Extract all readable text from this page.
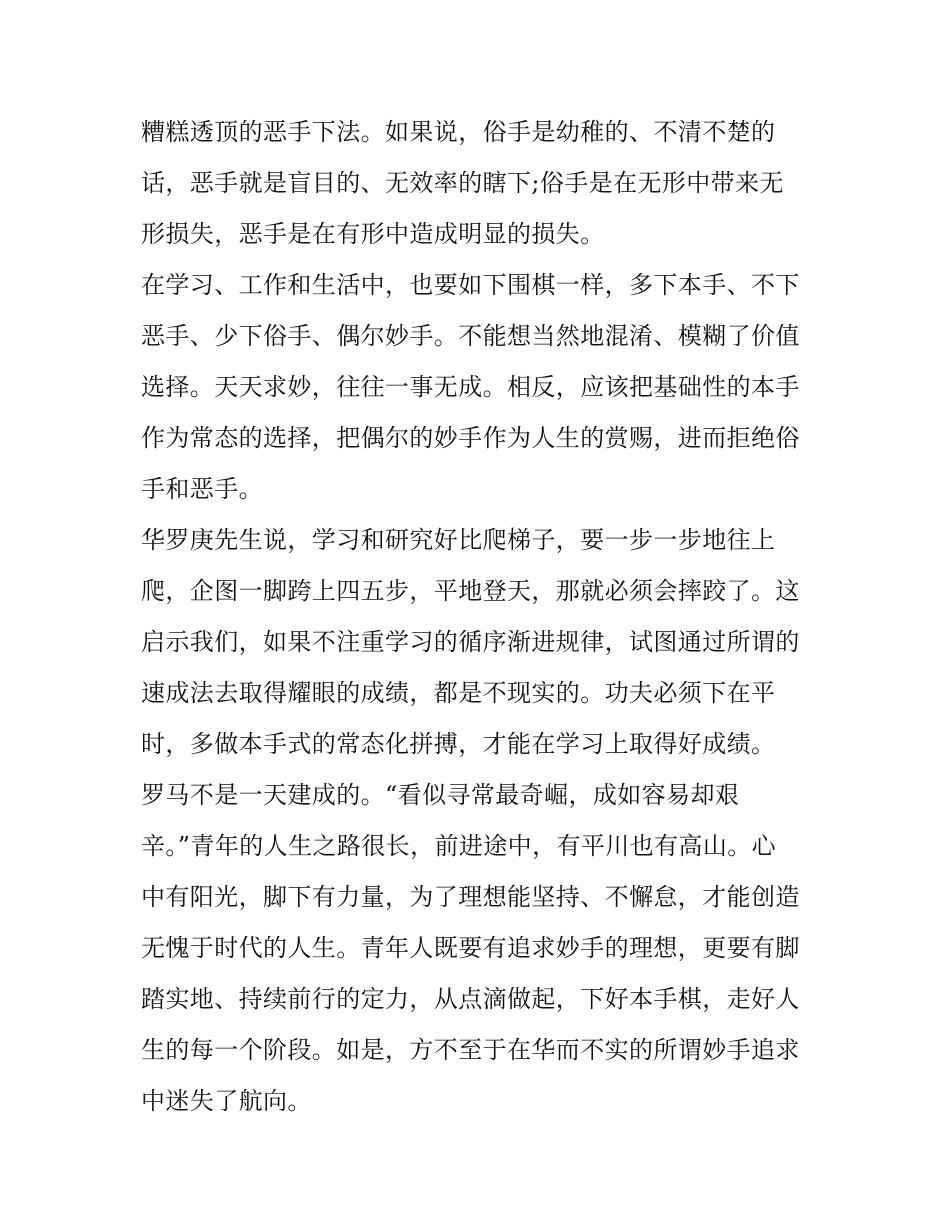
糟糕透顶的恶手下法。如果说，俗手是幼稚的、不清不楚的
话，恶手就是盲目的、无效率的瞎下;俗手是在无形中带来无
形损失，恶手是在有形中造成明显的损失。
在学习、工作和生活中，也要如下围棋一样，多下本手、不下
恶手、少下俗手、偶尔妙手。不能想当然地混淆、模糊了价值
选择。天天求妙，往往一事无成。相反，应该把基础性的本手
作为常态的选择，把偶尔的妙手作为人生的赏赐，进而拒绝俗
手和恶手。
华罗庚先生说，学习和研究好比爬梯子，要一步一步地往上
爬，企图一脚跨上四五步，平地登天，那就必须会摔跤了。这
启示我们，如果不注重学习的循序渐进规律，试图通过所谓的
速成法去取得耀眼的成绩，都是不现实的。功夫必须下在平
时，多做本手式的常态化拼搏，才能在学习上取得好成绩。
罗马不是一天建成的。“看似寻常最奇崛，成如容易却艰
辛。”青年的人生之路很长，前进途中，有平川也有高山。心
中有阳光，脚下有力量，为了理想能坚持、不懈怠，才能创造
无愧于时代的人生。青年人既要有追求妙手的理想，更要有脚
踏实地、持续前行的定力，从点滴做起，下好本手棋，走好人
生的每一个阶段。如是，方不至于在华而不实的所谓妙手追求
中迷失了航向。
